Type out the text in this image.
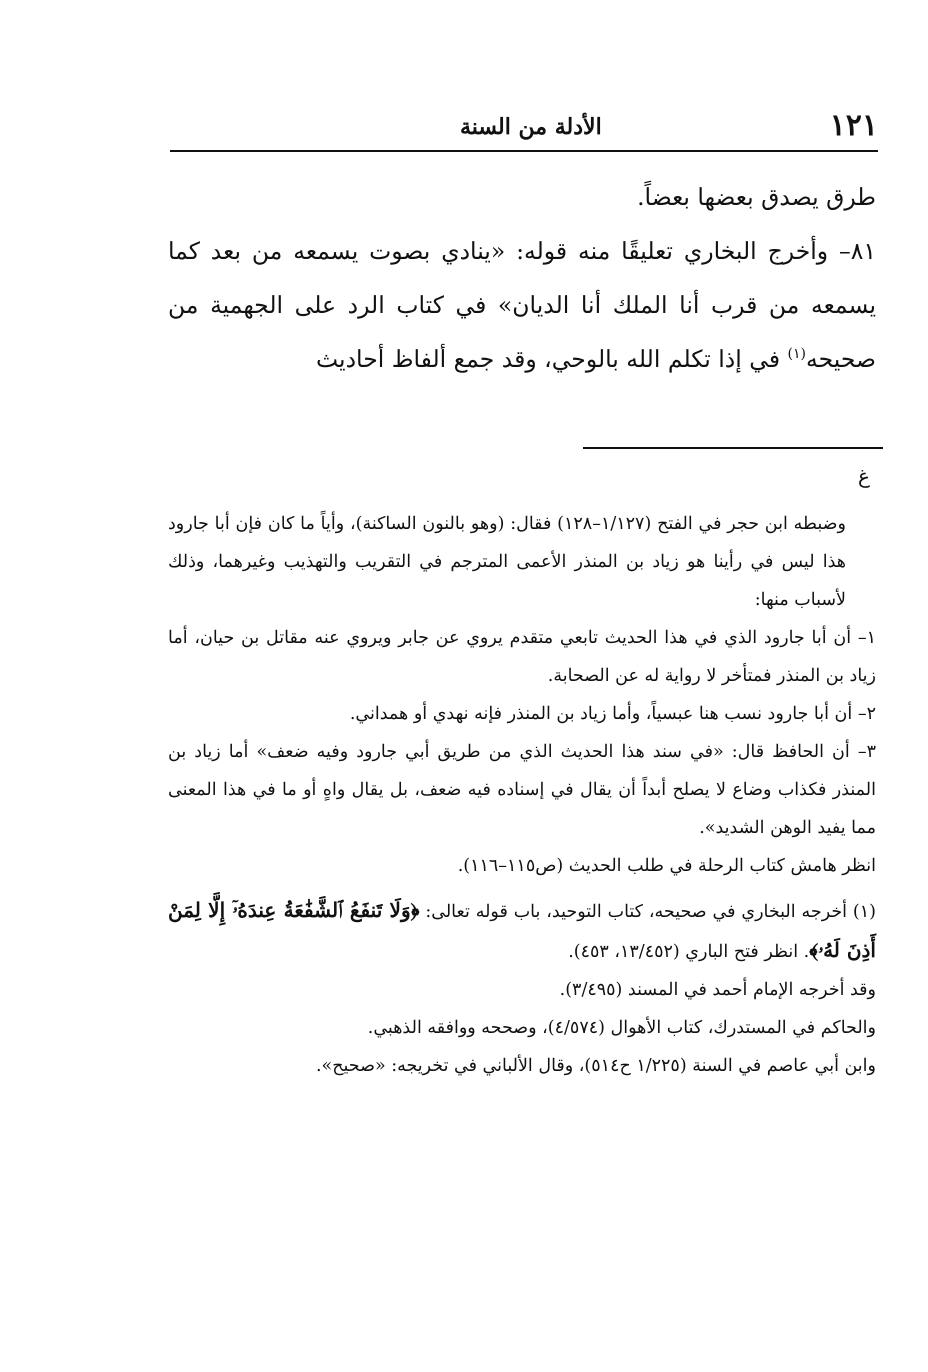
١٢١
الأدلة من السنة

طرق يصدق بعضها بعضاً.

٨١– وأخرج البخاري تعليقًا منه قوله: «ينادي بصوت يسمعه من بعد كما يسمعه من قرب أنا الملك أنا الديان» في كتاب الرد على الجهمية من صحيحه$^{(١)}$ في إذا تكلم الله بالوحي، وقد جمع ألفاظ أحاديث

ﻍ

وضبطه ابن حجر في الفتح (١/١٢٧–١٢٨) فقال: (وهو بالنون الساكنة)، وأياً ما كان فإن أبا جارود هذا ليس في رأينا هو زياد بن المنذر الأعمى المترجم في التقريب والتهذيب وغيرهما، وذلك لأسباب منها:

١– أن أبا جارود الذي في هذا الحديث تابعي متقدم يروي عن جابر ويروي عنه مقاتل بن حيان، أما زياد بن المنذر فمتأخر لا رواية له عن الصحابة.

٢– أن أبا جارود نسب هنا عبسياً، وأما زياد بن المنذر فإنه نهدي أو همداني.

٣– أن الحافظ قال: «في سند هذا الحديث الذي من طريق أبي جارود وفيه ضعف» أما زياد بن المنذر فكذاب وضاع لا يصلح أبداً أن يقال في إسناده فيه ضعف، بل يقال واهٍ أو ما في هذا المعنى مما يفيد الوهن الشديد».

انظر هامش كتاب الرحلة في طلب الحديث (ص١١٥–١١٦).

(١) أخرجه البخاري في صحيحه، كتاب التوحيد، باب قوله تعالى: ﴿وَلَا تَنفَعُ ٱلشَّفَٰعَةُ عِندَهُۥٓ إِلَّا لِمَنْ أَذِنَ لَهُۥ﴾. انظر فتح الباري (١٣/٤٥٢، ٤٥٣).

وقد أخرجه الإمام أحمد في المسند (٣/٤٩٥).

والحاكم في المستدرك، كتاب الأهوال (٤/٥٧٤)، وصححه ووافقه الذهبي.

وابن أبي عاصم في السنة (١/٢٢٥ ح٥١٤)، وقال الألباني في تخريجه: «صحيح».
